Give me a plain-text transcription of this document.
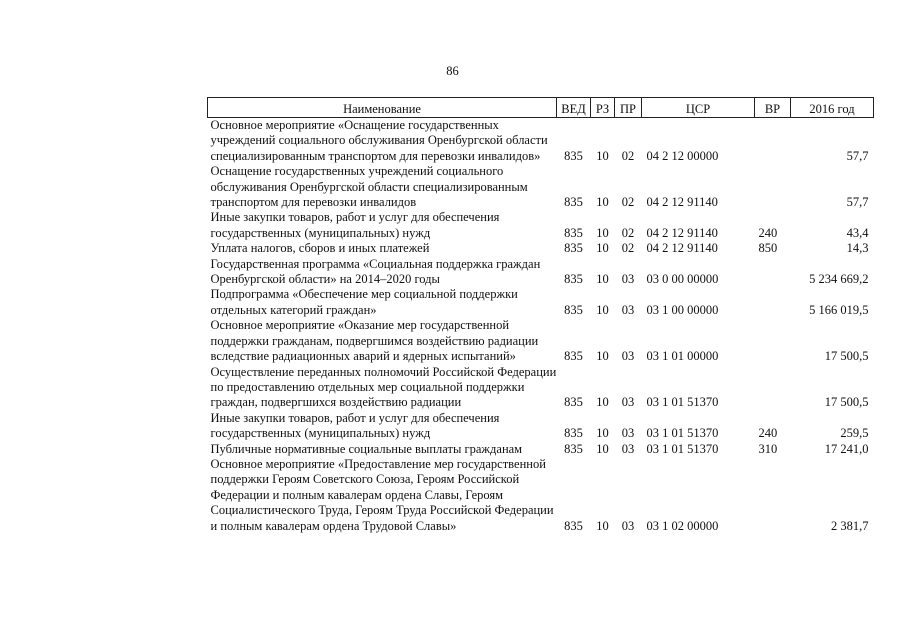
86
Наименование	ВЕД	РЗ	ПР	ЦСР	ВР	2016 год
Основное мероприятие «Оснащение государственных учреждений социального обслуживания Оренбургской области специализированным транспортом для перевозки инвалидов»	835	10	02	04 2 12 00000		57,7
Оснащение государственных учреждений социального обслуживания Оренбургской области специализированным транспортом для перевозки инвалидов	835	10	02	04 2 12 91140		57,7
Иные закупки товаров, работ и услуг для обеспечения государственных (муниципальных) нужд	835	10	02	04 2 12 91140	240	43,4
Уплата налогов, сборов и иных платежей	835	10	02	04 2 12 91140	850	14,3
Государственная программа «Социальная поддержка граждан Оренбургской области» на 2014–2020 годы	835	10	03	03 0 00 00000		5 234 669,2
Подпрограмма «Обеспечение мер социальной поддержки отдельных категорий граждан»	835	10	03	03 1 00 00000		5 166 019,5
Основное мероприятие «Оказание мер государственной поддержки гражданам, подвергшимся воздействию радиации вследствие радиационных аварий и ядерных испытаний»	835	10	03	03 1 01 00000		17 500,5
Осуществление переданных полномочий Российской Федерации по предоставлению отдельных мер социальной поддержки граждан, подвергшихся воздействию радиации	835	10	03	03 1 01 51370		17 500,5
Иные закупки товаров, работ и услуг для обеспечения государственных (муниципальных) нужд	835	10	03	03 1 01 51370	240	259,5
Публичные нормативные социальные выплаты гражданам	835	10	03	03 1 01 51370	310	17 241,0
Основное мероприятие «Предоставление мер государственной поддержки Героям Советского Союза, Героям Российской Федерации и полным кавалерам ордена Славы, Героям Социалистического Труда, Героям Труда Российской Федерации и полным кавалерам ордена Трудовой Славы»	835	10	03	03 1 02 00000		2 381,7
